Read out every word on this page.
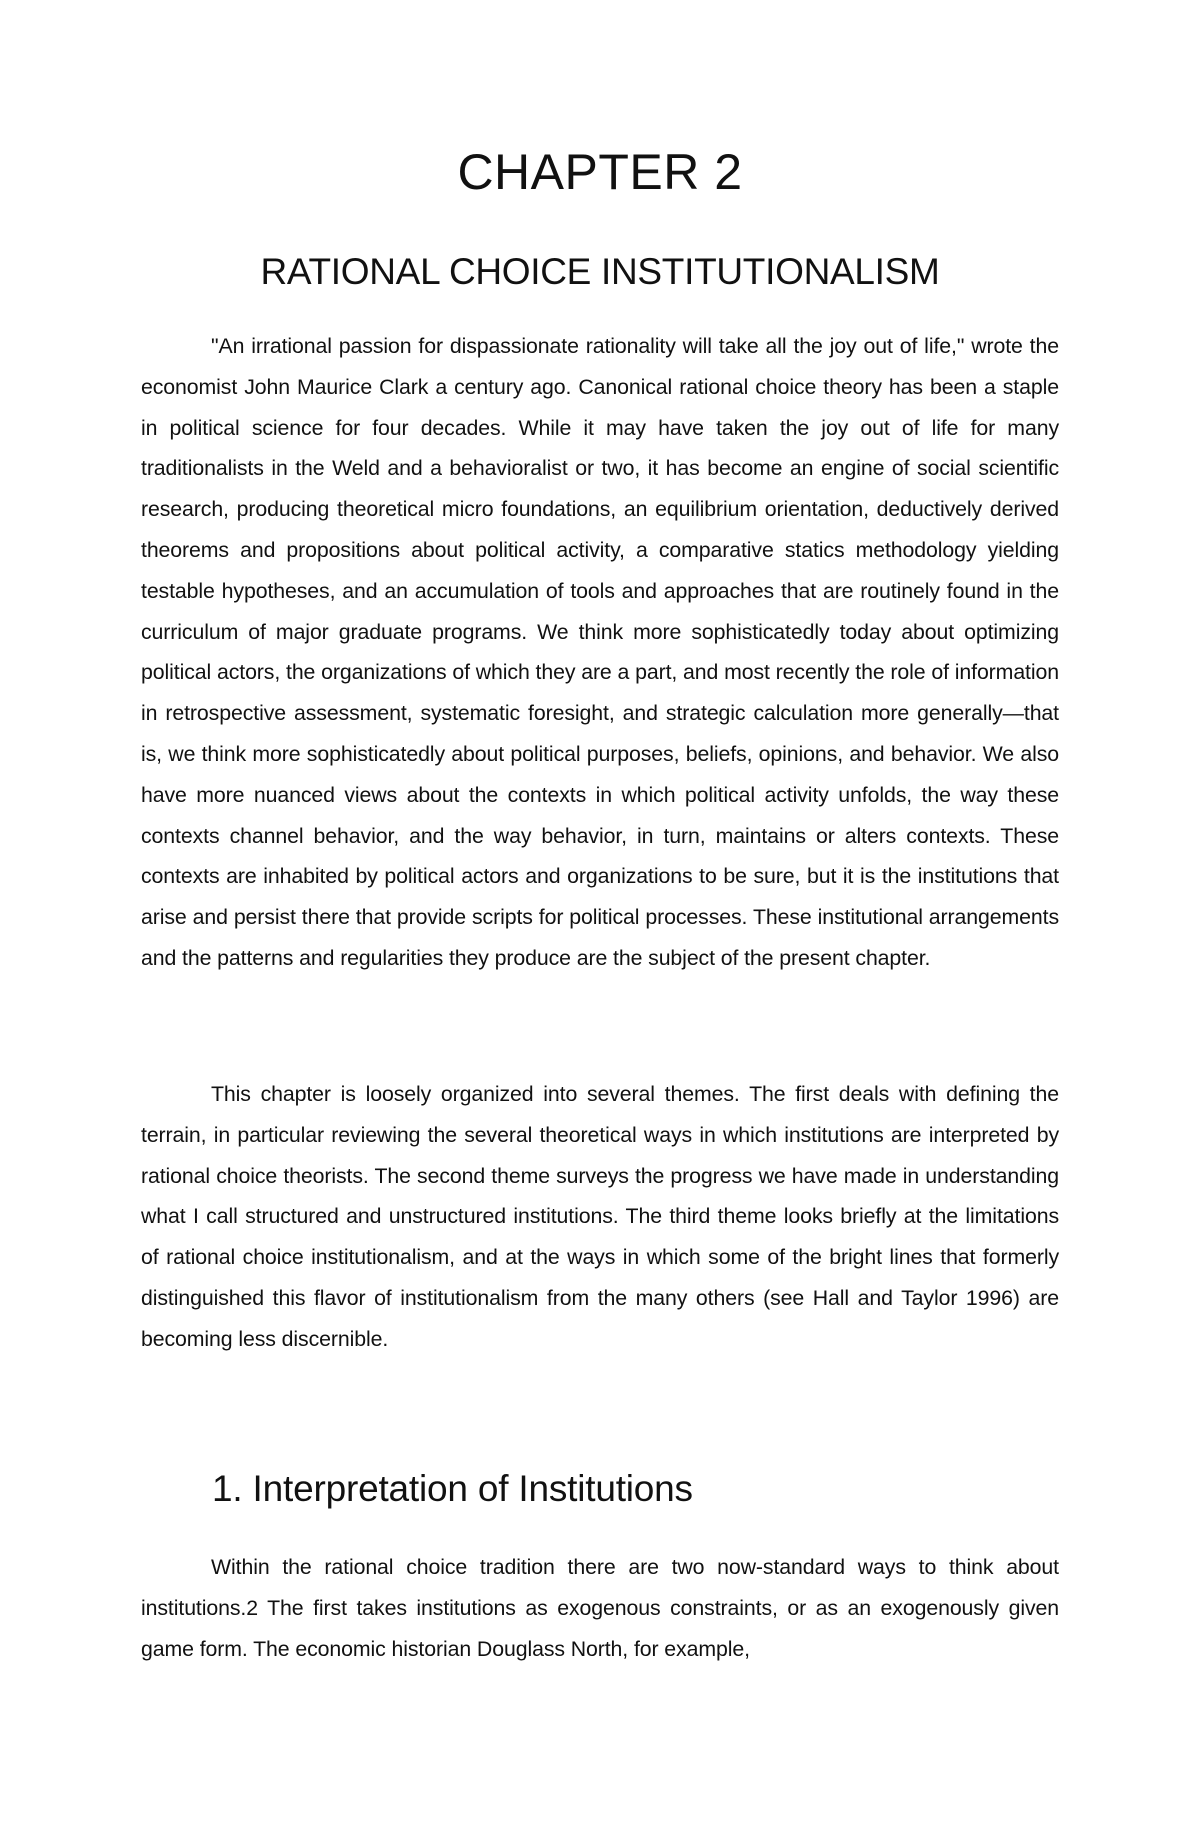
CHAPTER 2
RATIONAL CHOICE INSTITUTIONALISM

"An irrational passion for dispassionate rationality will take all the joy out of life," wrote the economist John Maurice Clark a century ago. Canonical rational choice theory has been a staple in political science for four decades. While it may have taken the joy out of life for many traditionalists in the Weld and a behavioralist or two, it has become an engine of social scientific research, producing theoretical micro foundations, an equilibrium orientation, deductively derived theorems and propositions about political activity, a comparative statics methodology yielding testable hypotheses, and an accumulation of tools and approaches that are routinely found in the curriculum of major graduate programs. We think more sophisticatedly today about optimizing political actors, the organizations of which they are a part, and most recently the role of information in retrospective assessment, systematic foresight, and strategic calculation more generally—that is, we think more sophisticatedly about political purposes, beliefs, opinions, and behavior. We also have more nuanced views about the contexts in which political activity unfolds, the way these contexts channel behavior, and the way behavior, in turn, maintains or alters contexts. These contexts are inhabited by political actors and organizations to be sure, but it is the institutions that arise and persist there that provide scripts for political processes. These institutional arrangements and the patterns and regularities they produce are the subject of the present chapter.

This chapter is loosely organized into several themes. The first deals with defining the terrain, in particular reviewing the several theoretical ways in which institutions are interpreted by rational choice theorists. The second theme surveys the progress we have made in understanding what I call structured and unstructured institutions. The third theme looks briefly at the limitations of rational choice institutionalism, and at the ways in which some of the bright lines that formerly distinguished this flavor of institutionalism from the many others (see Hall and Taylor 1996) are becoming less discernible.

1. Interpretation of Institutions

Within the rational choice tradition there are two now-standard ways to think about institutions.2 The first takes institutions as exogenous constraints, or as an exogenously given game form. The economic historian Douglass North, for example,
